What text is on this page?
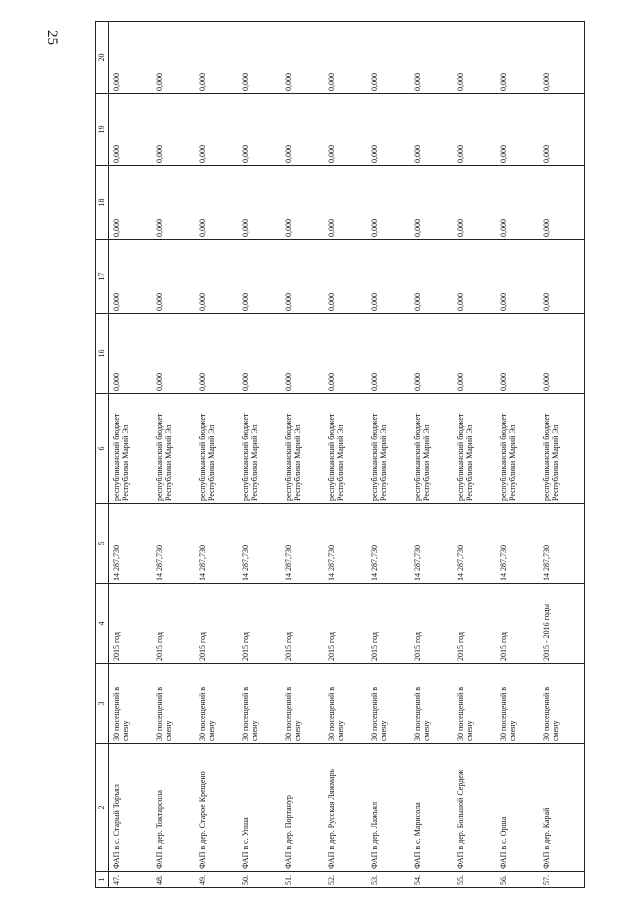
25
1	2	3	4	5	6	16	17	18	19	20
47.	ФАП в с. Старый Торъял	30 посещений в смену	2015 год	14 287,730	республиканский бюджет Республики Марий Эл	0,000	0,000	0,000	0,000	0,000
48.	ФАП в дер. Токтарсола	30 посещений в смену	2015 год	14 287,730	республиканский бюджет Республики Марий Эл	0,000	0,000	0,000	0,000	0,000
49.	ФАП в дер. Старое Крещено	30 посещений в смену	2015 год	14 287,730	республиканский бюджет Республики Марий Эл	0,000	0,000	0,000	0,000	0,000
50.	ФАП в с. Упша	30 посещений в смену	2015 год	14 287,730	республиканский бюджет Республики Марий Эл	0,000	0,000	0,000	0,000	0,000
51.	ФАП в дер. Портанур	30 посещений в смену	2015 год	14 287,730	республиканский бюджет Республики Марий Эл	0,000	0,000	0,000	0,000	0,000
52.	ФАП в дер. Русская Ляжмарь	30 посещений в смену	2015 год	14 287,730	республиканский бюджет Республики Марий Эл	0,000	0,000	0,000	0,000	0,000
53.	ФАП в дер. Лажъял	30 посещений в смену	2015 год	14 287,730	республиканский бюджет Республики Марий Эл	0,000	0,000	0,000	0,000	0,000
54.	ФАП в с. Марисола	30 посещений в смену	2015 год	14 287,730	республиканский бюджет Республики Марий Эл	0,000	0,000	0,000	0,000	0,000
55.	ФАП в дер. Большой Сердеж	30 посещений в смену	2015 год	14 287,730	республиканский бюджет Республики Марий Эл	0,000	0,000	0,000	0,000	0,000
56.	ФАП в с. Оршa	30 посещений в смену	2015 год	14 287,730	республиканский бюджет Республики Марий Эл	0,000	0,000	0,000	0,000	0,000
57.	ФАП в дер. Карай	30 посещений в смену	2015 - 2016 годы	14 287,730	республиканский бюджет Республики Марий Эл	0,000	0,000	0,000	0,000	0,000
